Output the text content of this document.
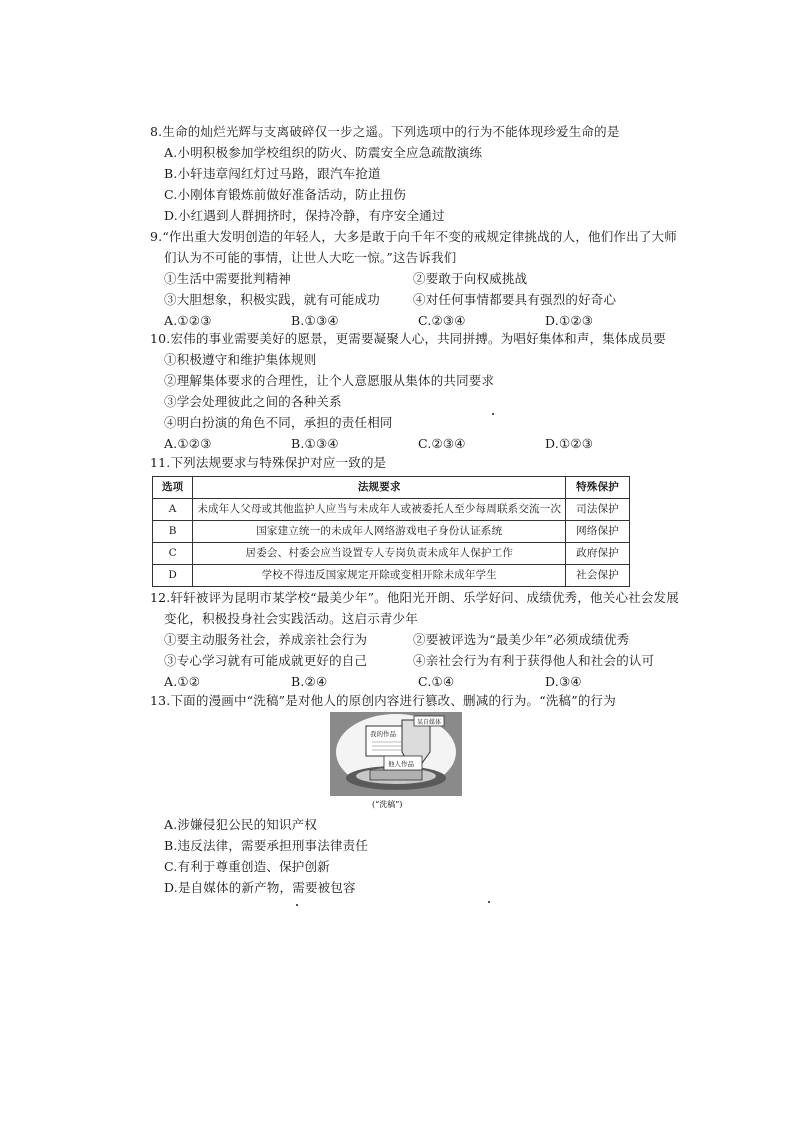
8.生命的灿烂光辉与支离破碎仅一步之遥。下列选项中的行为不能体现珍爱生命的是
A.小明积极参加学校组织的防火、防震安全应急疏散演练
B.小轩违章闯红灯过马路，跟汽车抢道
C.小刚体育锻炼前做好准备活动，防止扭伤
D.小红遇到人群拥挤时，保持冷静，有序安全通过
9.“作出重大发明创造的年轻人，大多是敢于向千年不变的戒规定律挑战的人，他们作出了大师
们认为不可能的事情，让世人大吃一惊。”这告诉我们
①生活中需要批判精神	②要敢于向权威挑战
③大胆想象，积极实践，就有可能成功	④对任何事情都要具有强烈的好奇心
A.①②③	B.①③④	C.②③④	D.①②③
10.宏伟的事业需要美好的愿景，更需要凝聚人心，共同拼搏。为唱好集体和声，集体成员要
①积极遵守和维护集体规则
②理解集体要求的合理性，让个人意愿服从集体的共同要求
③学会处理彼此之间的各种关系
④明白扮演的角色不同，承担的责任相同
A.①②③	B.①③④	C.②③④	D.①②③
11.下列法规要求与特殊保护对应一致的是
选项	法规要求	特殊保护
A	未成年人父母或其他监护人应当与未成年人或被委托人至少每周联系交流一次	司法保护
B	国家建立统一的未成年人网络游戏电子身份认证系统	网络保护
C	居委会、村委会应当设置专人专岗负责未成年人保护工作	政府保护
D	学校不得违反国家规定开除或变相开除未成年学生	社会保护
12.轩轩被评为昆明市某学校“最美少年”。他阳光开朗、乐学好问、成绩优秀，他关心社会发展
变化，积极投身社会实践活动。这启示青少年
①要主动服务社会，养成亲社会行为	②要被评选为“最美少年”必须成绩优秀
③专心学习就有可能成就更好的自己	④亲社会行为有利于获得他人和社会的认可
A.①②	B.②④	C.①④	D.③④
13.下面的漫画中“洗稿”是对他人的原创内容进行篡改、删减的行为。“洗稿”的行为
我的作品
某自媒体
他人作品
(“洗稿”)
A.涉嫌侵犯公民的知识产权
B.违反法律，需要承担刑事法律责任
C.有利于尊重创造、保护创新
D.是自媒体的新产物，需要被包容
